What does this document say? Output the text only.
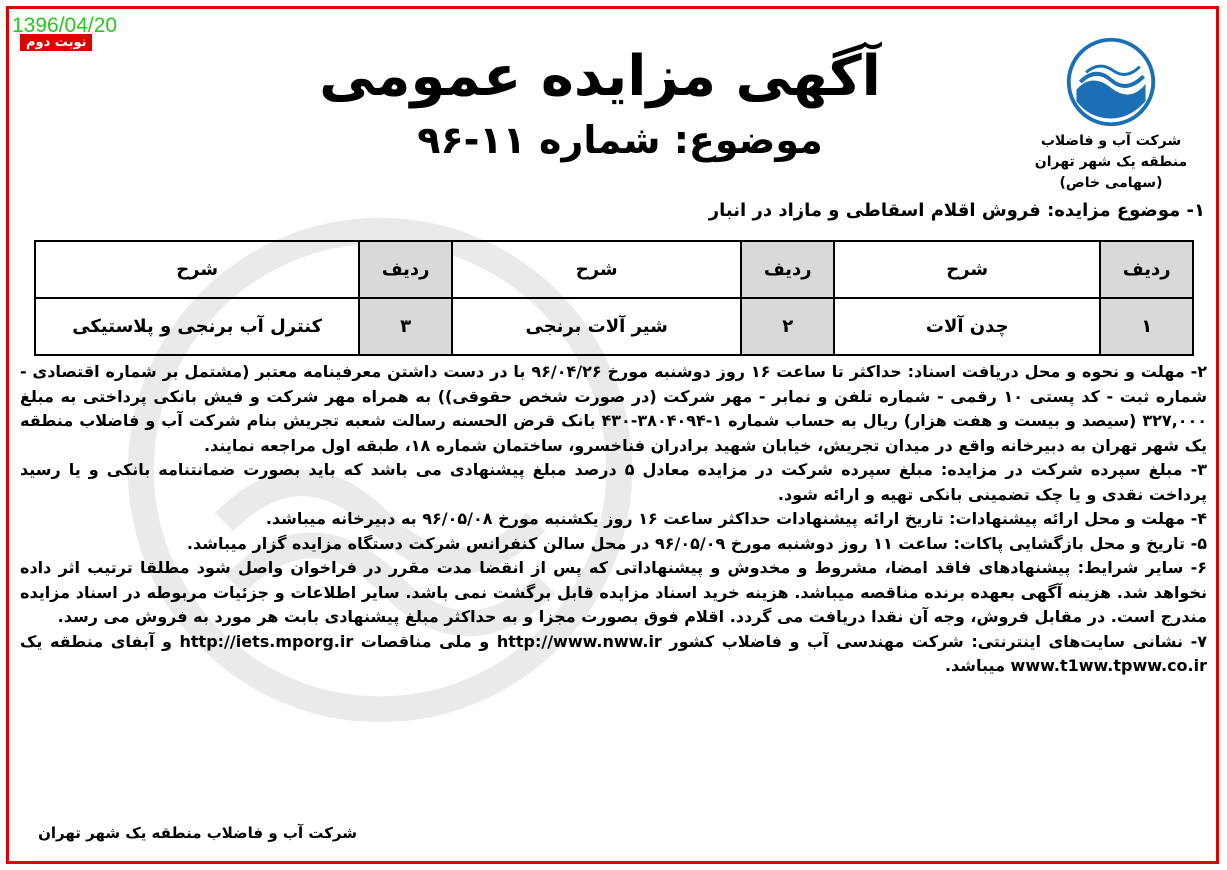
1396/04/20
نوبت دوم
شرکت آب و فاضلاب
منطقه یک شهر تهران
(سهامی خاص)
آگهی مزایده عمومی
موضوع: شماره ۱۱-۹۶
۱- موضوع مزایده: فروش اقلام اسقاطی و مازاد در انبار
ردیف	شرح	ردیف	شرح	ردیف	شرح
۱	چدن آلات	۲	شیر آلات برنجی	۳	کنترل آب برنجی و پلاستیکی

۲- مهلت و نحوه و محل دریافت اسناد: حداکثر تا ساعت ۱۶ روز دوشنبه مورخ ۹۶/۰۴/۲۶ با در دست داشتن معرفینامه معتبر (مشتمل بر شماره اقتصادی - شماره ثبت - کد پستی ۱۰ رقمی - شماره تلفن و نمابر - مهر شرکت (در صورت شخص حقوقی)) به همراه مهر شرکت و فیش بانکی پرداختی به مبلغ ۳۲۷,۰۰۰ (سیصد و بیست و هفت هزار) ریال به حساب شماره ۱-۳۸۰۴۰۹۴-۴۳۰ بانک قرض الحسنه رسالت شعبه تجریش بنام شرکت آب و فاضلاب منطقه یک شهر تهران به دبیرخانه واقع در میدان تجریش، خیابان شهید برادران فناخسرو، ساختمان شماره ۱۸، طبقه اول مراجعه نمایند.

۳- مبلغ سپرده شرکت در مزایده: مبلغ سپرده شرکت در مزایده معادل ۵ درصد مبلغ پیشنهادی می باشد که باید بصورت ضمانتنامه بانکی و یا رسید پرداخت نقدی و یا چک تضمینی بانکی تهیه و ارائه شود.

۴- مهلت و محل ارائه پیشنهادات: تاریخ ارائه پیشنهادات حداکثر ساعت ۱۶ روز یکشنبه مورخ ۹۶/۰۵/۰۸ به دبیرخانه میباشد.

۵- تاریخ و محل بازگشایی پاکات: ساعت ۱۱ روز دوشنبه مورخ ۹۶/۰۵/۰۹ در محل سالن کنفرانس شرکت دستگاه مزایده گزار میباشد.

۶- سایر شرایط: پیشنهادهای فاقد امضا، مشروط و مخدوش و پیشنهاداتی که پس از انقضا مدت مقرر در فراخوان واصل شود مطلقا ترتیب اثر داده نخواهد شد. هزینه آگهی بعهده برنده مناقصه میباشد. هزینه خرید اسناد مزایده قابل برگشت نمی باشد. سایر اطلاعات و جزئیات مربوطه در اسناد مزایده مندرج است. در مقابل فروش، وجه آن نقدا دریافت می گردد. اقلام فوق بصورت مجزا و به حداکثر مبلغ پیشنهادی بابت هر مورد به فروش می رسد.

۷- نشانی سایت‌های اینترنتی: شرکت مهندسی آب و فاضلاب کشور http://www.nww.ir و ملی مناقصات http://iets.mporg.ir و آبفای منطقه یک www.t1ww.tpww.co.ir میباشد.

شرکت آب و فاضلاب منطقه یک شهر تهران
